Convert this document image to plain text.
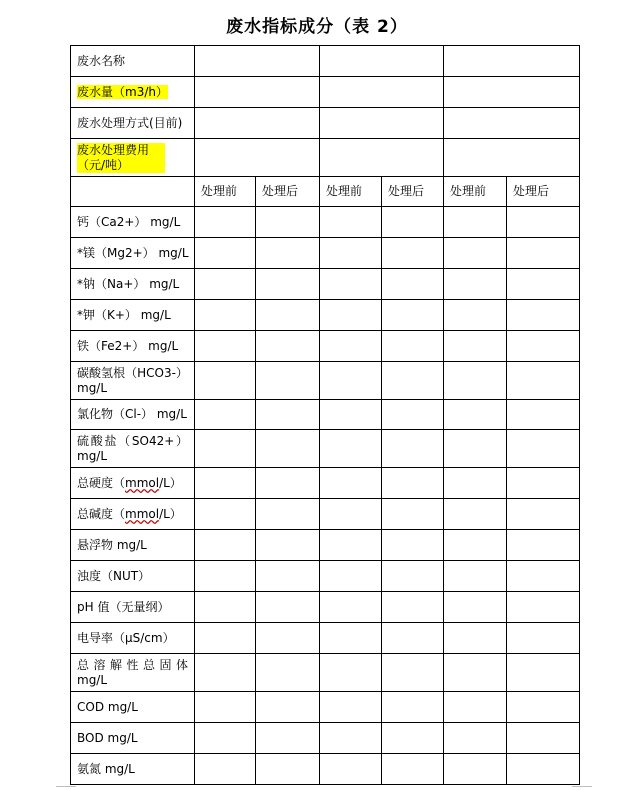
废水指标成分（表 2）
废水名称						
废水量（m3/h）						
废水处理方式(目前)						
废水处理费用（元/吨）						
	处理前	处理后	处理前	处理后	处理前	处理后
钙（Ca2+） mg/L						
*镁（Mg2+） mg/L						
*钠（Na+） mg/L						
*钾（K+） mg/L						
铁（Fe2+） mg/L						

碳酸氢根（HCO3-）
mg/L						

氯化物（Cl-） mg/L						

硫酸盐（SO42+）
mg/L						

总硬度（mmol/L）						
总碱度（mmol/L）						
悬浮物 mg/L						
浊度（NUT）						
pH 值（无量纲）						
电导率（μS/cm）						

总溶解性总固体
mg/L						

COD mg/L						
BOD mg/L						
氨氮 mg/L						
